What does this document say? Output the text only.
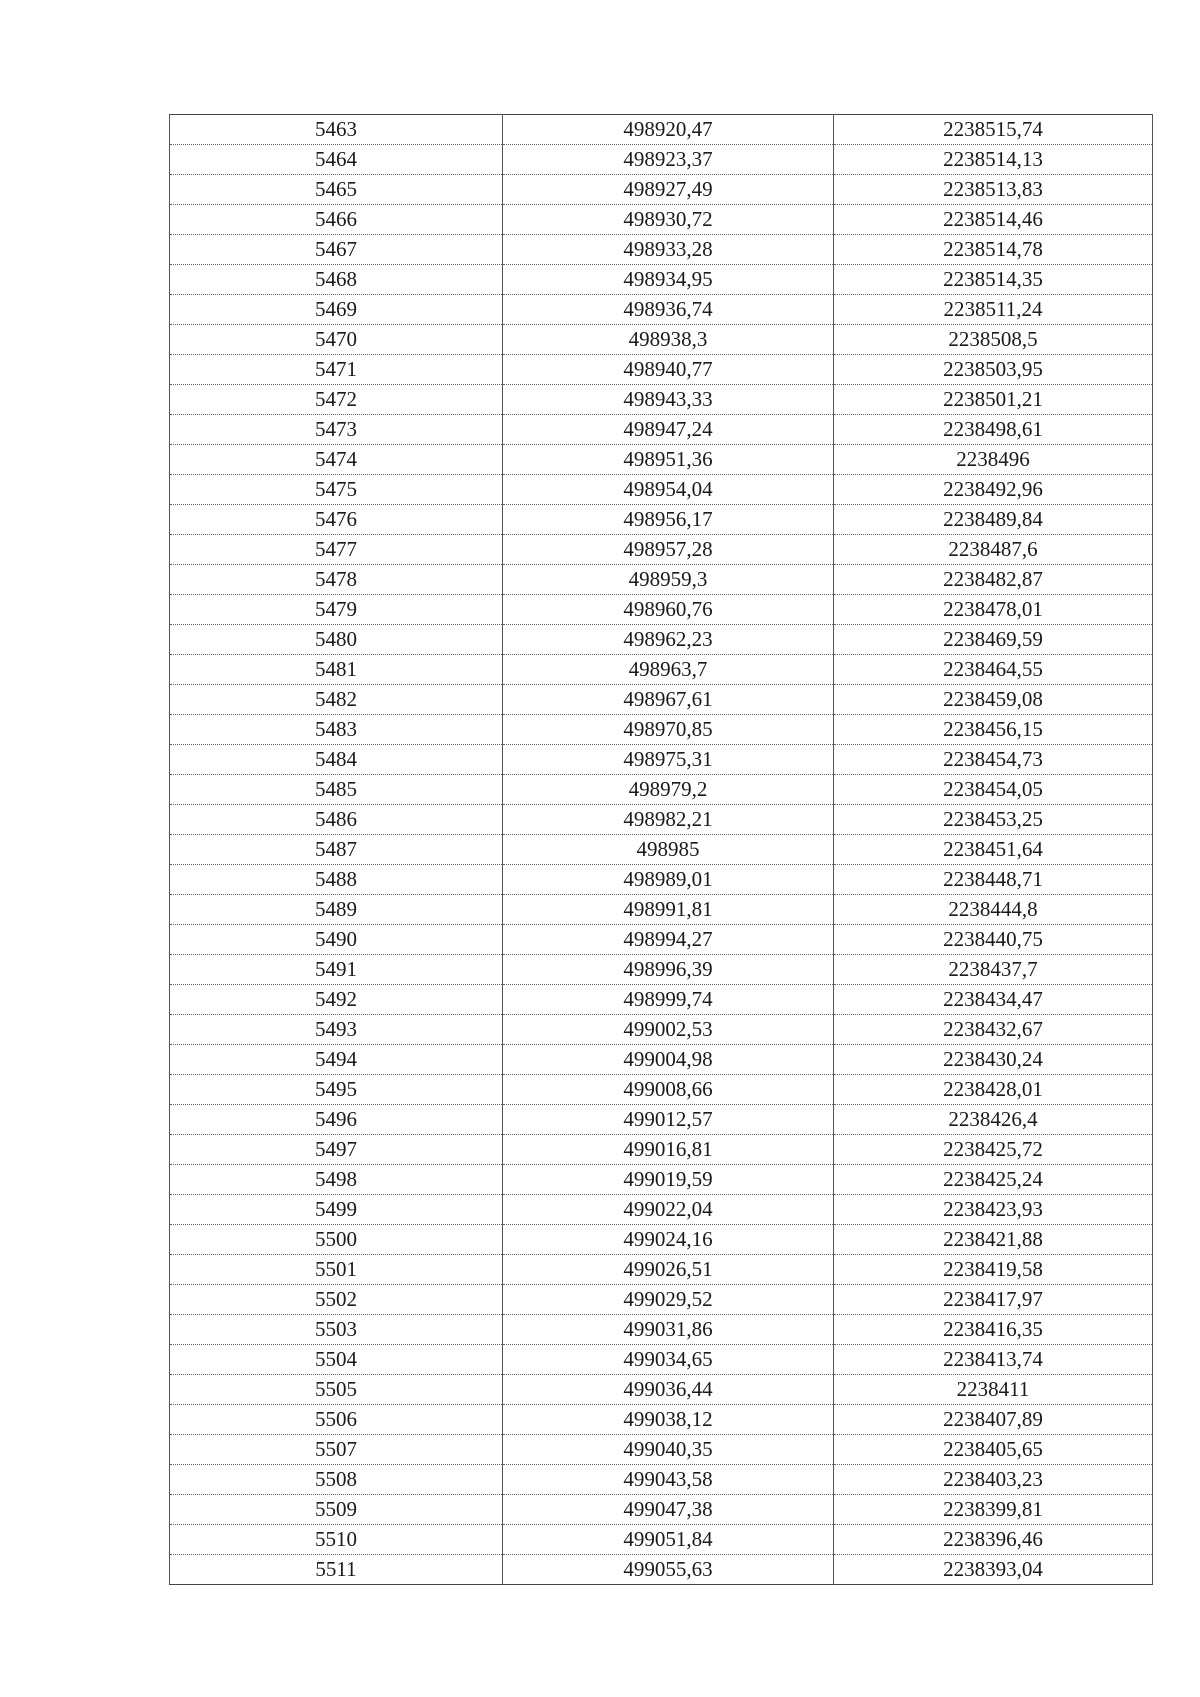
5463	498920,47	2238515,74
5464	498923,37	2238514,13
5465	498927,49	2238513,83
5466	498930,72	2238514,46
5467	498933,28	2238514,78
5468	498934,95	2238514,35
5469	498936,74	2238511,24
5470	498938,3	2238508,5
5471	498940,77	2238503,95
5472	498943,33	2238501,21
5473	498947,24	2238498,61
5474	498951,36	2238496
5475	498954,04	2238492,96
5476	498956,17	2238489,84
5477	498957,28	2238487,6
5478	498959,3	2238482,87
5479	498960,76	2238478,01
5480	498962,23	2238469,59
5481	498963,7	2238464,55
5482	498967,61	2238459,08
5483	498970,85	2238456,15
5484	498975,31	2238454,73
5485	498979,2	2238454,05
5486	498982,21	2238453,25
5487	498985	2238451,64
5488	498989,01	2238448,71
5489	498991,81	2238444,8
5490	498994,27	2238440,75
5491	498996,39	2238437,7
5492	498999,74	2238434,47
5493	499002,53	2238432,67
5494	499004,98	2238430,24
5495	499008,66	2238428,01
5496	499012,57	2238426,4
5497	499016,81	2238425,72
5498	499019,59	2238425,24
5499	499022,04	2238423,93
5500	499024,16	2238421,88
5501	499026,51	2238419,58
5502	499029,52	2238417,97
5503	499031,86	2238416,35
5504	499034,65	2238413,74
5505	499036,44	2238411
5506	499038,12	2238407,89
5507	499040,35	2238405,65
5508	499043,58	2238403,23
5509	499047,38	2238399,81
5510	499051,84	2238396,46
5511	499055,63	2238393,04
